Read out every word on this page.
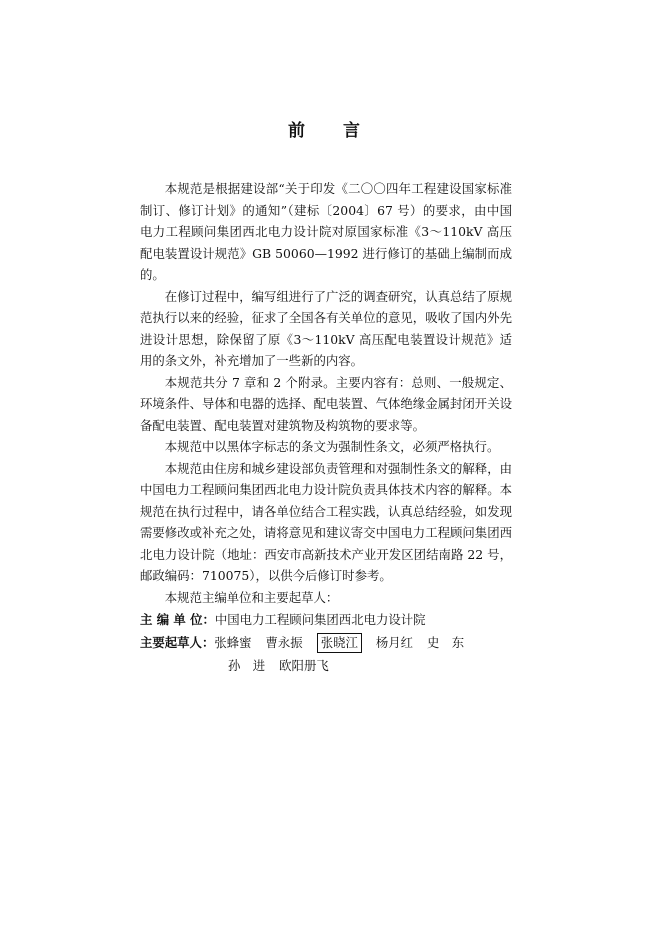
前 言

本规范是根据建设部“关于印发《二〇〇四年工程建设国家标准制订、修订计划》的通知”（建标〔2004〕67 号）的要求，由中国电力工程顾问集团西北电力设计院对原国家标准《3～110kV 高压配电装置设计规范》GB 50060—1992 进行修订的基础上编制而成的。

在修订过程中，编写组进行了广泛的调查研究，认真总结了原规范执行以来的经验，征求了全国各有关单位的意见，吸收了国内外先进设计思想，除保留了原《3～110kV 高压配电装置设计规范》适用的条文外，补充增加了一些新的内容。

本规范共分 7 章和 2 个附录。主要内容有：总则、一般规定、环境条件、导体和电器的选择、配电装置、气体绝缘金属封闭开关设备配电装置、配电装置对建筑物及构筑物的要求等。

本规范中以黑体字标志的条文为强制性条文，必须严格执行。

本规范由住房和城乡建设部负责管理和对强制性条文的解释，由中国电力工程顾问集团西北电力设计院负责具体技术内容的解释。本规范在执行过程中，请各单位结合工程实践，认真总结经验，如发现需要修改或补充之处，请将意见和建议寄交中国电力工程顾问集团西北电力设计院（地址：西安市高新技术产业开发区团结南路 22 号，邮政编码：710075），以供今后修订时参考。

本规范主编单位和主要起草人：

主 编 单 位：中国电力工程顾问集团西北电力设计院

主要起草人：张蜂蜜 曹永振 张晓江 杨月红 史　东

孙　进 欧阳册飞
